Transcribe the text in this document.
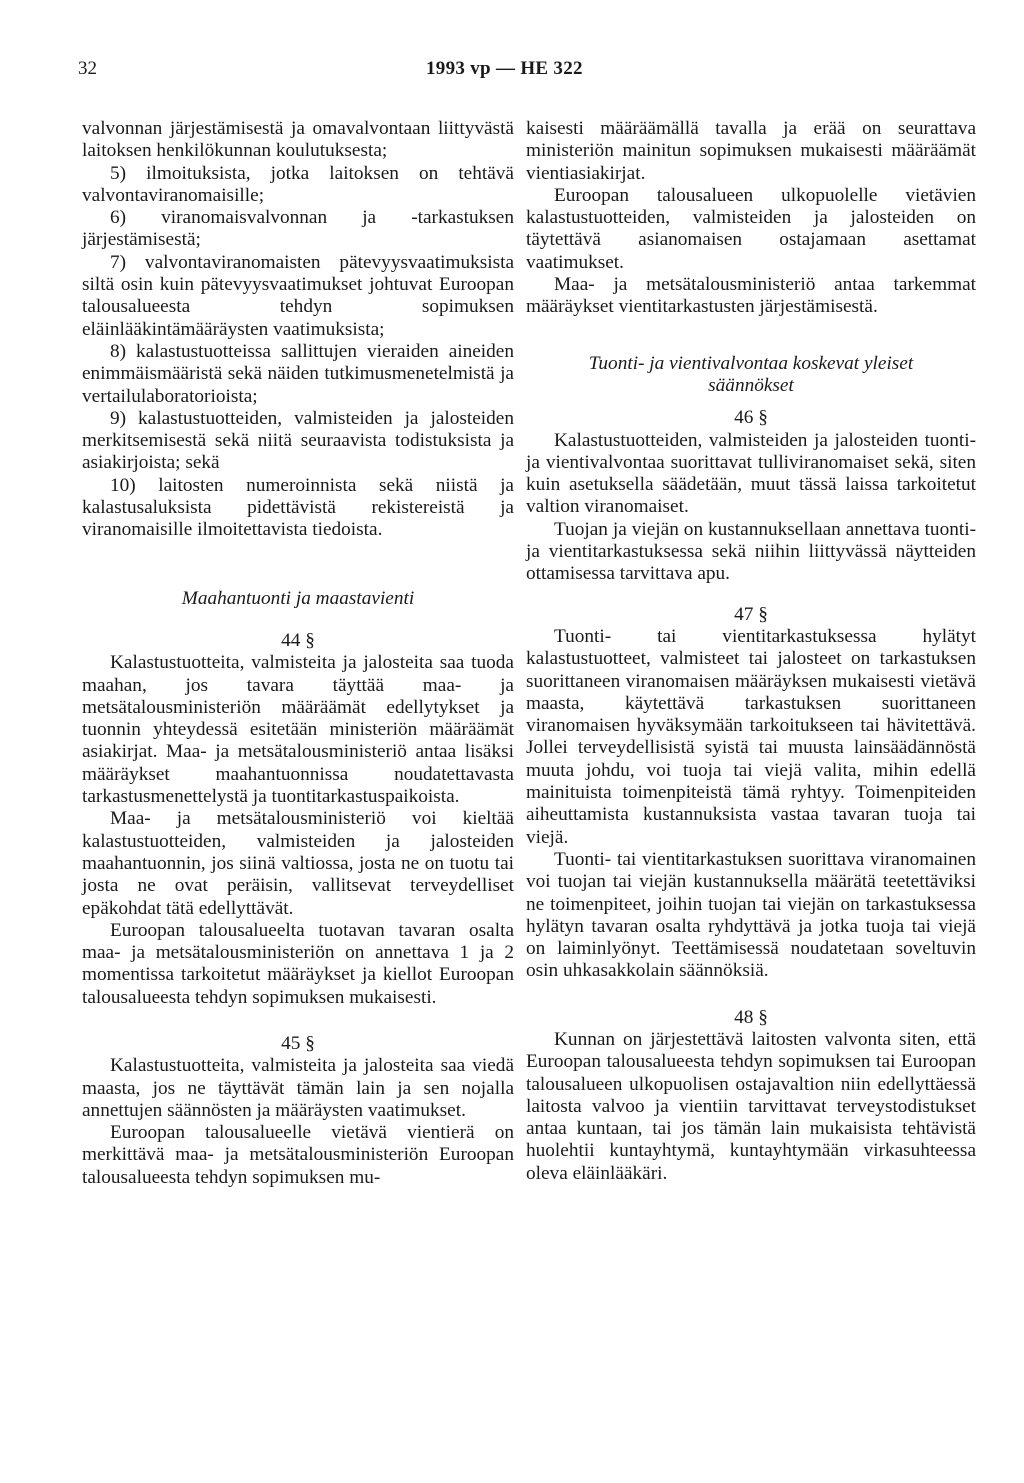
32	1993 vp — HE 322

valvonnan järjestämisestä ja omavalvontaan liittyvästä laitoksen henkilökunnan koulutuksesta;

5) ilmoituksista, jotka laitoksen on tehtävä valvontaviranomaisille;

6) viranomaisvalvonnan ja -tarkastuksen järjestämisestä;

7) valvontaviranomaisten pätevyysvaatimuksista siltä osin kuin pätevyysvaatimukset johtuvat Euroopan talousalueesta tehdyn sopimuksen eläinlääkintämääräysten vaatimuksista;

8) kalastustuotteissa sallittujen vieraiden aineiden enimmäismääristä sekä näiden tutkimusmenetelmistä ja vertailulaboratorioista;

9) kalastustuotteiden, valmisteiden ja jalosteiden merkitsemisestä sekä niitä seuraavista todistuksista ja asiakirjoista; sekä

10) laitosten numeroinnista sekä niistä ja kalastusaluksista pidettävistä rekistereistä ja viranomaisille ilmoitettavista tiedoista.

Maahantuonti ja maastavienti

44 §

Kalastustuotteita, valmisteita ja jalosteita saa tuoda maahan, jos tavara täyttää maa- ja metsätalousministeriön määräämät edellytykset ja tuonnin yhteydessä esitetään ministeriön määräämät asiakirjat. Maa- ja metsätalousministeriö antaa lisäksi määräykset maahantuonnissa noudatettavasta tarkastusmenettelystä ja tuontitarkastuspaikoista.

Maa- ja metsätalousministeriö voi kieltää kalastustuotteiden, valmisteiden ja jalosteiden maahantuonnin, jos siinä valtiossa, josta ne on tuotu tai josta ne ovat peräisin, vallitsevat terveydelliset epäkohdat tätä edellyttävät.

Euroopan talousalueelta tuotavan tavaran osalta maa- ja metsätalousministeriön on annettava 1 ja 2 momentissa tarkoitetut määräykset ja kiellot Euroopan talousalueesta tehdyn sopimuksen mukaisesti.

45 §

Kalastustuotteita, valmisteita ja jalosteita saa viedä maasta, jos ne täyttävät tämän lain ja sen nojalla annettujen säännösten ja määräysten vaatimukset.

Euroopan talousalueelle vietävä vientierä on merkittävä maa- ja metsätalousministeriön Euroopan talousalueesta tehdyn sopimuksen mu-

kaisesti määräämällä tavalla ja erää on seurattava ministeriön mainitun sopimuksen mukaisesti määräämät vientiasiakirjat.

Euroopan talousalueen ulkopuolelle vietävien kalastustuotteiden, valmisteiden ja jalosteiden on täytettävä asianomaisen ostajamaan asettamat vaatimukset.

Maa- ja metsätalousministeriö antaa tarkemmat määräykset vientitarkastusten järjestämisestä.

Tuonti- ja vientivalvontaa koskevat yleiset säännökset

46 §

Kalastustuotteiden, valmisteiden ja jalosteiden tuonti- ja vientivalvontaa suorittavat tulliviranomaiset sekä, siten kuin asetuksella säädetään, muut tässä laissa tarkoitetut valtion viranomaiset.

Tuojan ja viejän on kustannuksellaan annettava tuonti- ja vientitarkastuksessa sekä niihin liittyvässä näytteiden ottamisessa tarvittava apu.

47 §

Tuonti- tai vientitarkastuksessa hylätyt kalastustuotteet, valmisteet tai jalosteet on tarkastuksen suorittaneen viranomaisen määräyksen mukaisesti vietävä maasta, käytettävä tarkastuksen suorittaneen viranomaisen hyväksymään tarkoitukseen tai hävitettävä. Jollei terveydellisistä syistä tai muusta lainsäädännöstä muuta johdu, voi tuoja tai viejä valita, mihin edellä mainituista toimenpiteistä tämä ryhtyy. Toimenpiteiden aiheuttamista kustannuksista vastaa tavaran tuoja tai viejä.

Tuonti- tai vientitarkastuksen suorittava viranomainen voi tuojan tai viejän kustannuksella määrätä teetettäviksi ne toimenpiteet, joihin tuojan tai viejän on tarkastuksessa hylätyn tavaran osalta ryhdyttävä ja jotka tuoja tai viejä on laiminlyönyt. Teettämisessä noudatetaan soveltuvin osin uhkasakkolain säännöksiä.

48 §

Kunnan on järjestettävä laitosten valvonta siten, että Euroopan talousalueesta tehdyn sopimuksen tai Euroopan talousalueen ulkopuolisen ostajavaltion niin edellyttäessä laitosta valvoo ja vientiin tarvittavat terveystodistukset antaa kuntaan, tai jos tämän lain mukaisista tehtävistä huolehtii kuntayhtymä, kuntayhtymään virkasuhteessa oleva eläinlääkäri.
